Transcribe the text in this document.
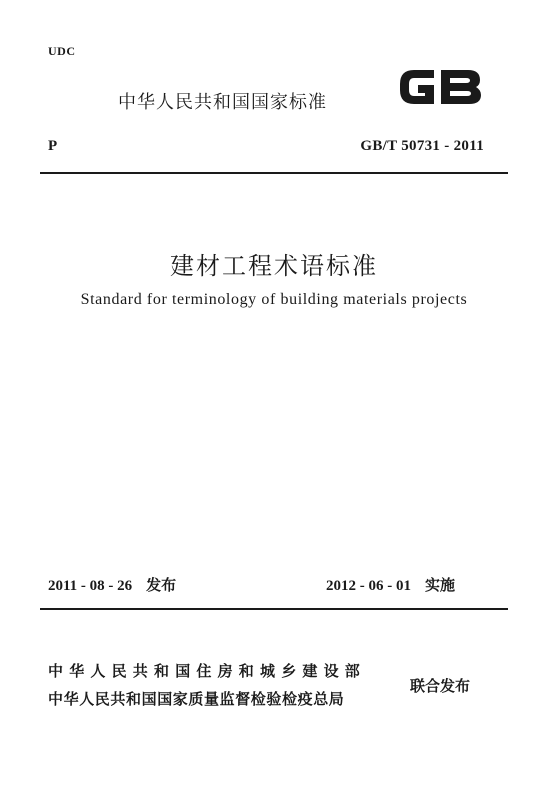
UDC
中华人民共和国国家标准
P	GB/T 50731 - 2011
建材工程术语标准
Standard for terminology of building materials projects
2011 - 08 - 26 发布	2012 - 06 - 01 实施
中华人民共和国住房和城乡建设部
中华人民共和国国家质量监督检验检疫总局
联合发布
